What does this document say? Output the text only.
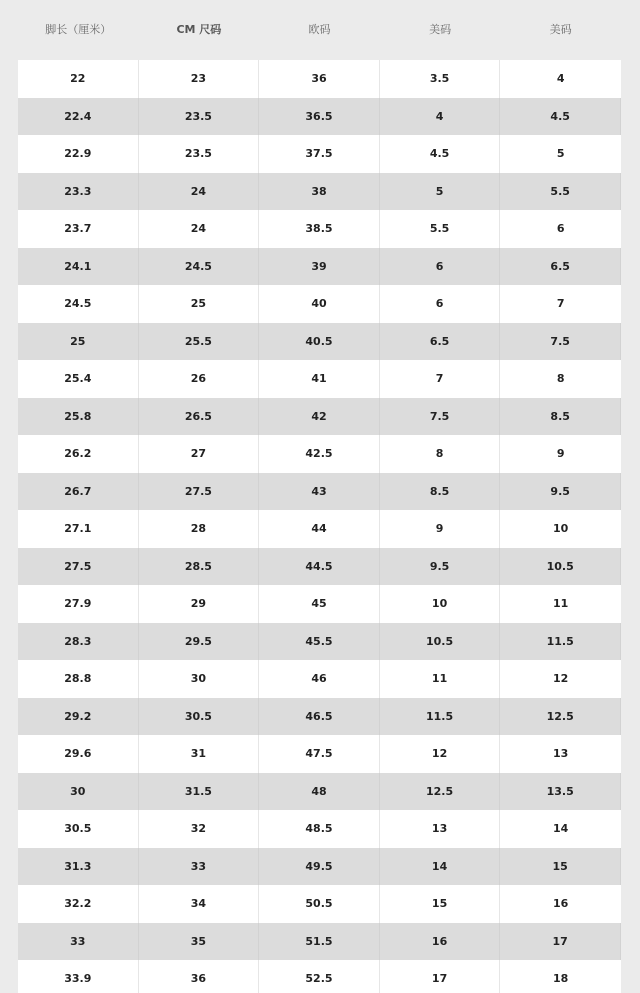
脚长（厘米）	CM 尺码	欧码	美码	美码
22	23	36	3.5	4
22.4	23.5	36.5	4	4.5
22.9	23.5	37.5	4.5	5
23.3	24	38	5	5.5
23.7	24	38.5	5.5	6
24.1	24.5	39	6	6.5
24.5	25	40	6	7
25	25.5	40.5	6.5	7.5
25.4	26	41	7	8
25.8	26.5	42	7.5	8.5
26.2	27	42.5	8	9
26.7	27.5	43	8.5	9.5
27.1	28	44	9	10
27.5	28.5	44.5	9.5	10.5
27.9	29	45	10	11
28.3	29.5	45.5	10.5	11.5
28.8	30	46	11	12
29.2	30.5	46.5	11.5	12.5
29.6	31	47.5	12	13
30	31.5	48	12.5	13.5
30.5	32	48.5	13	14
31.3	33	49.5	14	15
32.2	34	50.5	15	16
33	35	51.5	16	17
33.9	36	52.5	17	18
